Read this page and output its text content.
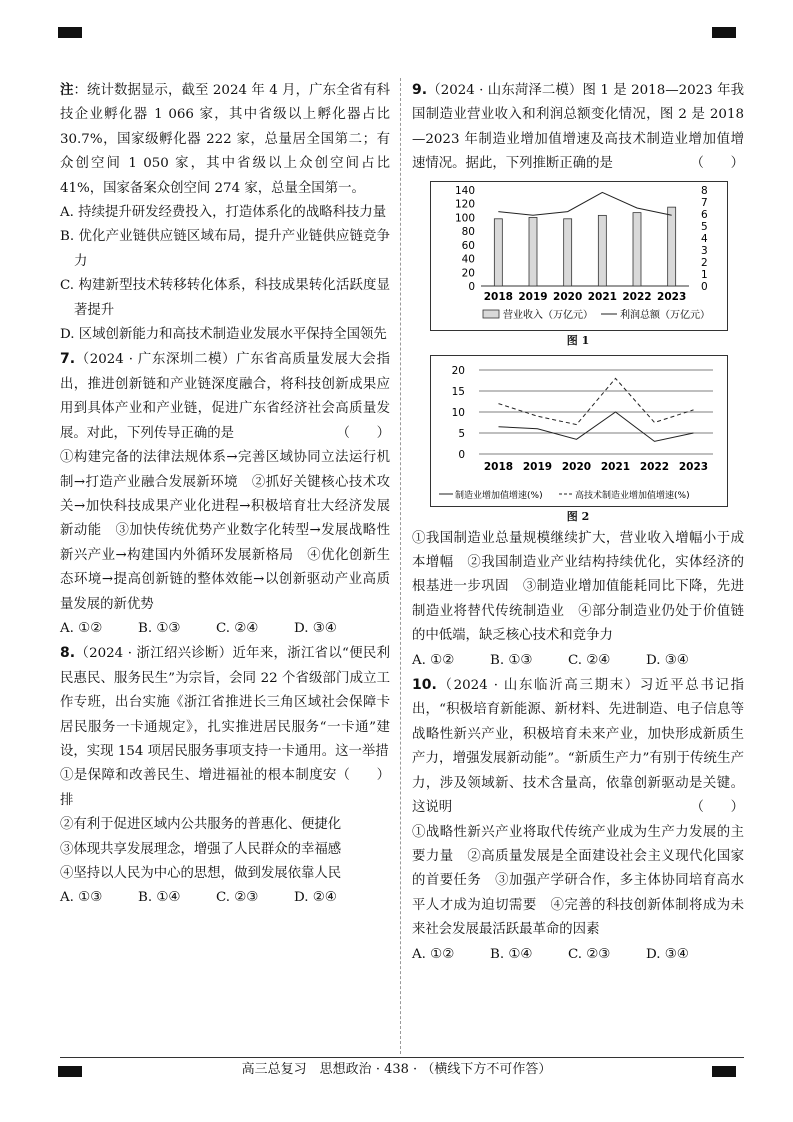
注：统计数据显示，截至 2024 年 4 月，广东全省有科技企业孵化器 1 066 家，其中省级以上孵化器占比 30.7%，国家级孵化器 222 家，总量居全国第二；有众创空间 1 050 家，其中省级以上众创空间占比 41%，国家备案众创空间 274 家，总量全国第一。

A. 持续提升研发经费投入，打造体系化的战略科技力量

B. 优化产业链供应链区域布局，提升产业链供应链竞争力

C. 构建新型技术转移转化体系，科技成果转化活跃度显著提升

D. 区域创新能力和高技术制造业发展水平保持全国领先

7.（2024 · 广东深圳二模）广东省高质量发展大会指出，推进创新链和产业链深度融合，将科技创新成果应用到具体产业和产业链，促进广东省经济社会高质量发展。对此，下列传导正确的是	（　　）

①构建完备的法律法规体系→完善区域协同立法运行机制→打造产业融合发展新环境　②抓好关键核心技术攻关→加快科技成果产业化进程→积极培育壮大经济发展新动能　③加快传统优势产业数字化转型→发展战略性新兴产业→构建国内外循环发展新格局　④优化创新生态环境→提高创新链的整体效能→以创新驱动产业高质量发展的新优势

A. ①②	B. ①③	C. ②④	D. ③④

8.（2024 · 浙江绍兴诊断）近年来，浙江省以“便民利民惠民、服务民生”为宗旨，会同 22 个省级部门成立工作专班，出台实施《浙江省推进长三角区域社会保障卡居民服务一卡通规定》，扎实推进居民服务“一卡通”建设，实现 154 项居民服务事项支持一卡通用。这一举措
（　　）

①是保障和改善民生、增进福祉的根本制度安排

②有利于促进区域内公共服务的普惠化、便捷化

③体现共享发展理念，增强了人民群众的幸福感

④坚持以人民为中心的思想，做到发展依靠人民

A. ①③	B. ①④	C. ②③	D. ②④

9.（2024 · 山东菏泽二模）图 1 是 2018—2023 年我国制造业营业收入和利润总额变化情况，图 2 是 2018—2023 年制造业增加值增速及高技术制造业增加值增速情况。据此，下列推断正确的是	（　　）

0
20
40
60
80
100
120
140
0
1
2
3
4
5
6
7
8
2018 2019 2020 2021 2022 2023
营业收入（万亿元）	利润总额（万亿元）
图 1
0
5
10
15
20
2018 2019 2020 2021 2022 2023
制造业增加值增速(%)	高技术制造业增加值增速(%)
图 2

①我国制造业总量规模继续扩大，营业收入增幅小于成本增幅　②我国制造业产业结构持续优化，实体经济的根基进一步巩固　③制造业增加值能耗同比下降，先进制造业将替代传统制造业　④部分制造业仍处于价值链的中低端，缺乏核心技术和竞争力

A. ①②	B. ①③	C. ②④	D. ③④

10.（2024 · 山东临沂高三期末）习近平总书记指出，“积极培育新能源、新材料、先进制造、电子信息等战略性新兴产业，积极培育未来产业，加快形成新质生产力，增强发展新动能”。“新质生产力”有别于传统生产力，涉及领域新、技术含量高，依靠创新驱动是关键。这说明	（　　）

①战略性新兴产业将取代传统产业成为生产力发展的主要力量　②高质量发展是全面建设社会主义现代化国家的首要任务　③加强产学研合作，多主体协同培育高水平人才成为迫切需要　④完善的科技创新体制将成为未来社会发展最活跃最革命的因素

A. ①②	B. ①④	C. ②③	D. ③④
高三总复习　思想政治 · 438 · （横线下方不可作答）
